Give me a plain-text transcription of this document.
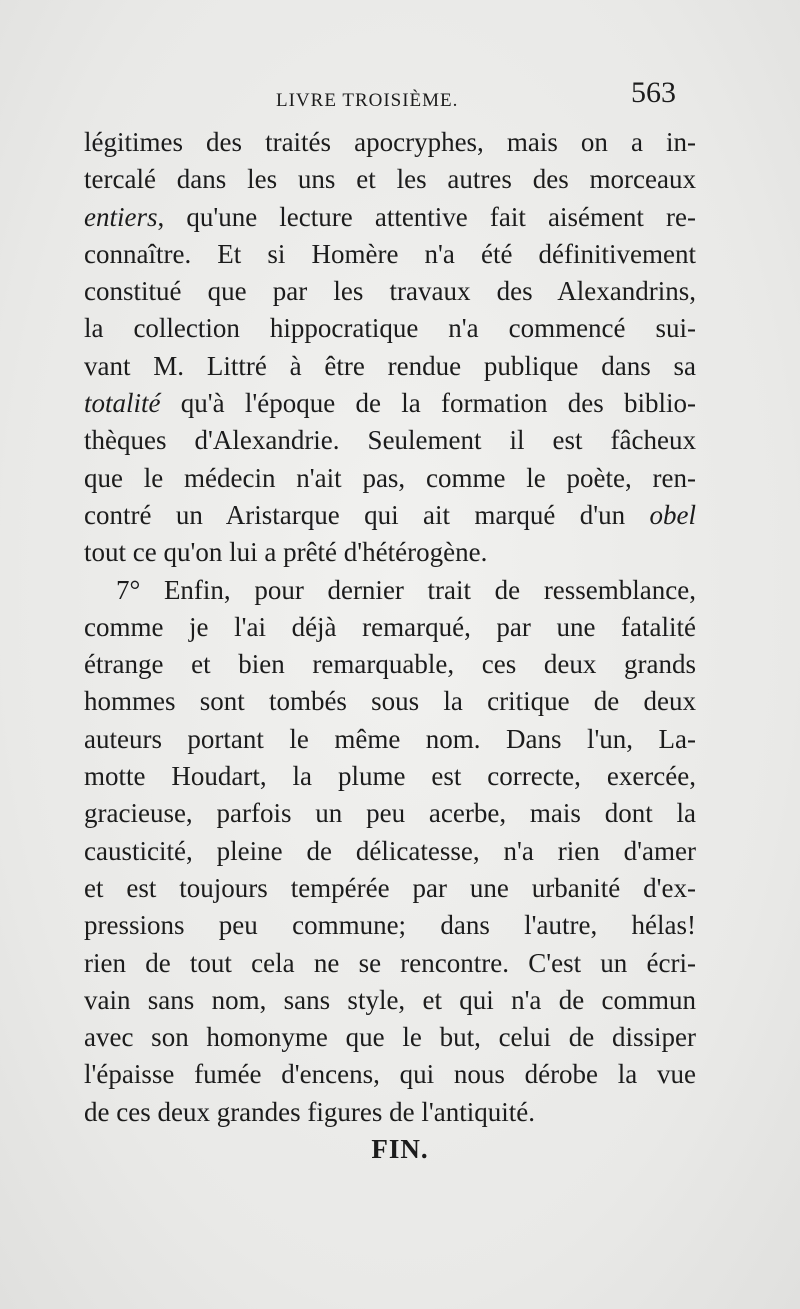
LIVRE TROISIÈME.	563
légitimes des traités apocryphes, mais on a in-
tercalé dans les uns et les autres des morceaux
entiers, qu'une lecture attentive fait aisément re-
connaître. Et si Homère n'a été définitivement
constitué que par les travaux des Alexandrins,
la collection hippocratique n'a commencé sui-
vant M. Littré à être rendue publique dans sa
totalité qu'à l'époque de la formation des biblio-
thèques d'Alexandrie. Seulement il est fâcheux
que le médecin n'ait pas, comme le poète, ren-
contré un Aristarque qui ait marqué d'un obel
tout ce qu'on lui a prêté d'hétérogène.
7° Enfin, pour dernier trait de ressemblance,
comme je l'ai déjà remarqué, par une fatalité
étrange et bien remarquable, ces deux grands
hommes sont tombés sous la critique de deux
auteurs portant le même nom. Dans l'un, La-
motte Houdart, la plume est correcte, exercée,
gracieuse, parfois un peu acerbe, mais dont la
causticité, pleine de délicatesse, n'a rien d'amer
et est toujours tempérée par une urbanité d'ex-
pressions peu commune; dans l'autre, hélas!
rien de tout cela ne se rencontre. C'est un écri-
vain sans nom, sans style, et qui n'a de commun
avec son homonyme que le but, celui de dissiper
l'épaisse fumée d'encens, qui nous dérobe la vue
de ces deux grandes figures de l'antiquité.
FIN.
